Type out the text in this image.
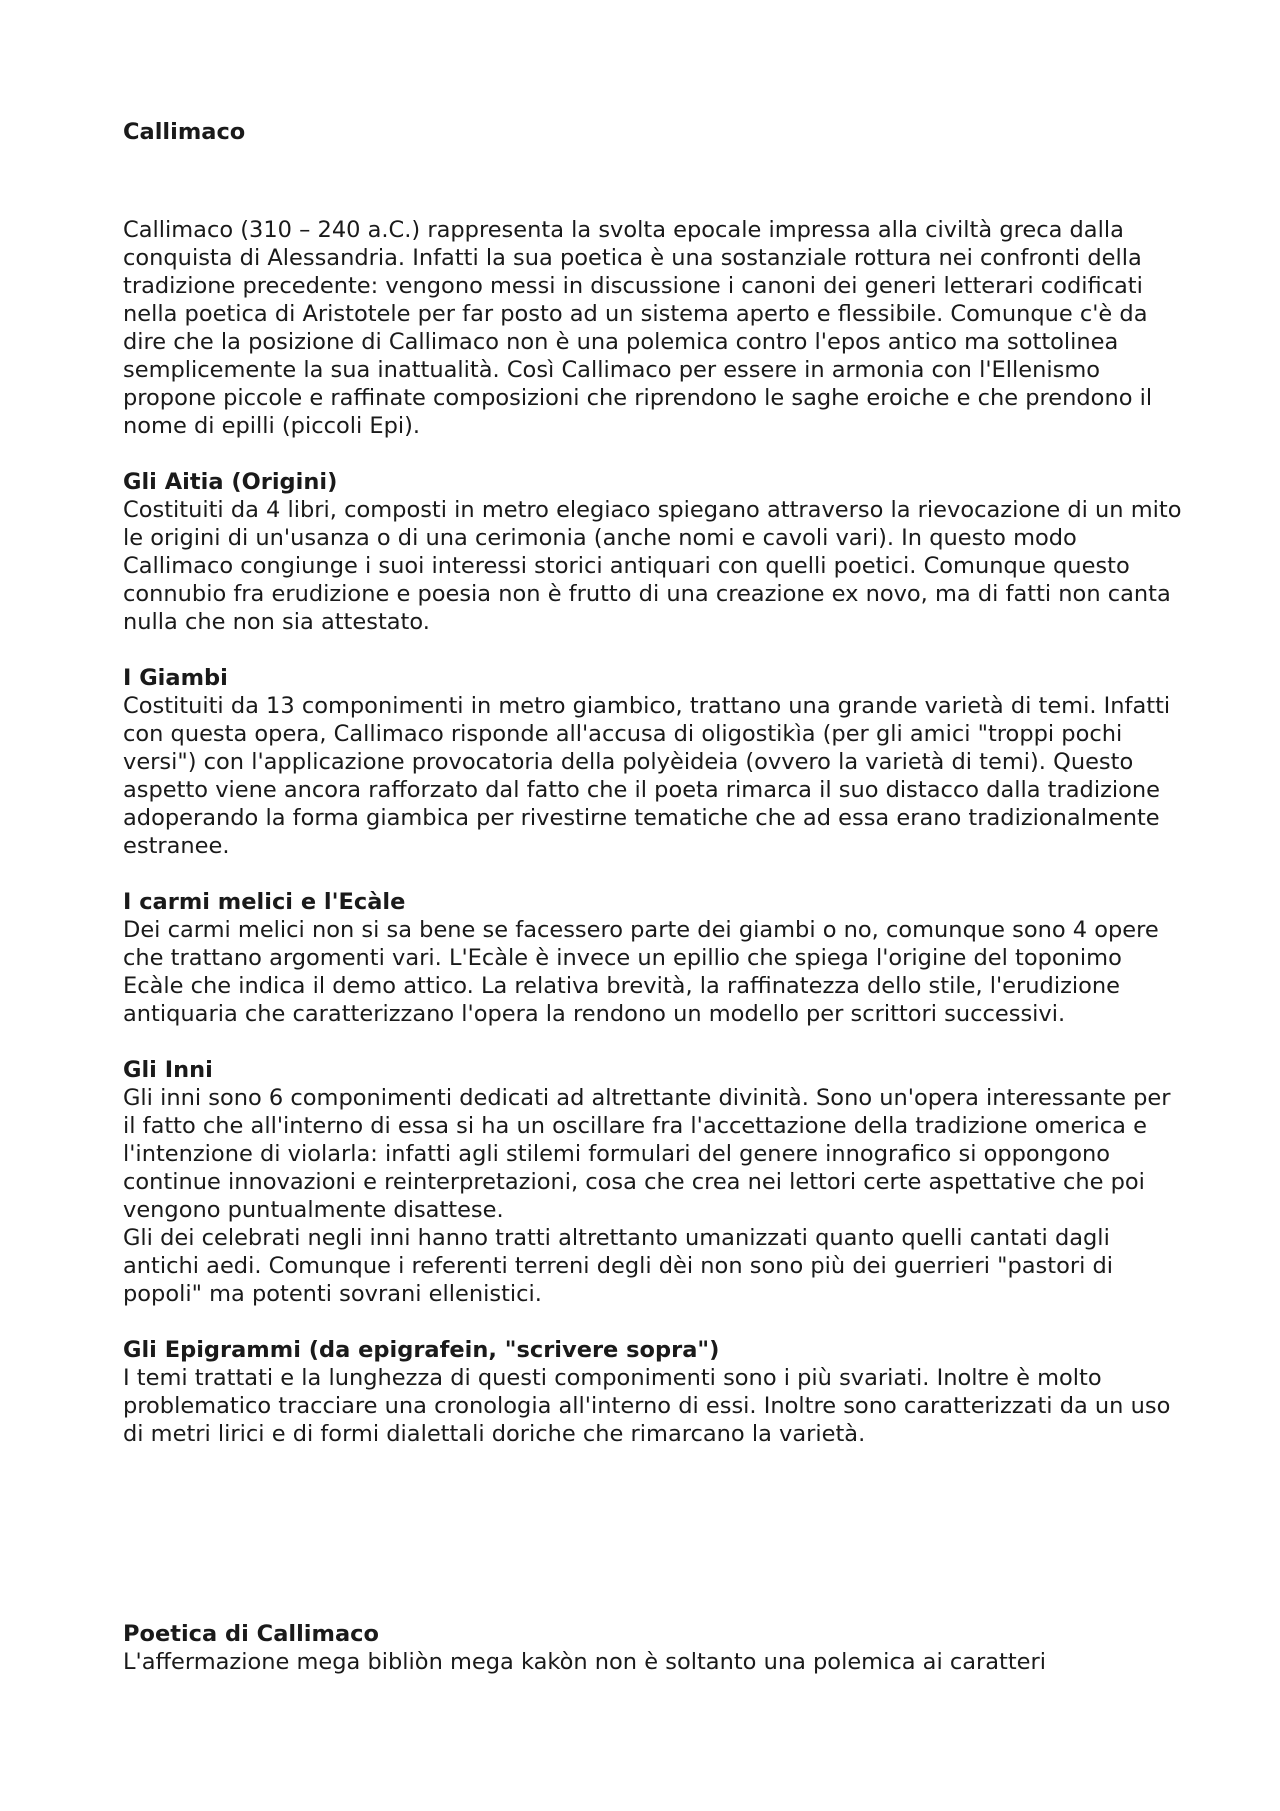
Callimaco
Callimaco (310 – 240 a.C.) rappresenta la svolta epocale impressa alla civiltà greca dalla conquista di Alessandria. Infatti la sua poetica è una sostanziale rottura nei confronti della tradizione precedente: vengono messi in discussione i canoni dei generi letterari codificati nella poetica di Aristotele per far posto ad un sistema aperto e flessibile. Comunque c'è da dire che la posizione di Callimaco non è una polemica contro l'epos antico ma sottolinea semplicemente la sua inattualità. Così Callimaco per essere in armonia con l'Ellenismo propone piccole e raffinate composizioni che riprendono le saghe eroiche e che prendono il nome di epilli (piccoli Epi).
Gli Aitia (Origini)
Costituiti da 4 libri, composti in metro elegiaco spiegano attraverso la rievocazione di un mito le origini di un'usanza o di una cerimonia (anche nomi e cavoli vari). In questo modo Callimaco congiunge i suoi interessi storici antiquari con quelli poetici. Comunque questo connubio fra erudizione e poesia non è frutto di una creazione ex novo, ma di fatti non canta nulla che non sia attestato.
I Giambi
Costituiti da 13 componimenti in metro giambico, trattano una grande varietà di temi. Infatti con questa opera, Callimaco risponde all'accusa di oligostikìa (per gli amici "troppi pochi versi") con l'applicazione provocatoria della polyèideia (ovvero la varietà di temi). Questo aspetto viene ancora rafforzato dal fatto che il poeta rimarca il suo distacco dalla tradizione adoperando la forma giambica per rivestirne tematiche che ad essa erano tradizionalmente estranee.
I carmi melici e l'Ecàle
Dei carmi melici non si sa bene se facessero parte dei giambi o no, comunque sono 4 opere che trattano argomenti vari. L'Ecàle è invece un epillio che spiega l'origine del toponimo Ecàle che indica il demo attico. La relativa brevità, la raffinatezza dello stile, l'erudizione antiquaria che caratterizzano l'opera la rendono un modello per scrittori successivi.
Gli Inni
Gli inni sono 6 componimenti dedicati ad altrettante divinità. Sono un'opera interessante per il fatto che all'interno di essa si ha un oscillare fra l'accettazione della tradizione omerica e l'intenzione di violarla: infatti agli stilemi formulari del genere innografico si oppongono continue innovazioni e reinterpretazioni, cosa che crea nei lettori certe aspettative che poi vengono puntualmente disattese.
Gli dei celebrati negli inni hanno tratti altrettanto umanizzati quanto quelli cantati dagli antichi aedi. Comunque i referenti terreni degli dèi non sono più dei guerrieri "pastori di popoli" ma potenti sovrani ellenistici.
Gli Epigrammi (da epigrafein, "scrivere sopra")
I temi trattati e la lunghezza di questi componimenti sono i più svariati. Inoltre è molto problematico tracciare una cronologia all'interno di essi. Inoltre sono caratterizzati da un uso di metri lirici e di formi dialettali doriche che rimarcano la varietà.
Poetica di Callimaco
L'affermazione mega bibliòn mega kakòn non è soltanto una polemica ai caratteri
